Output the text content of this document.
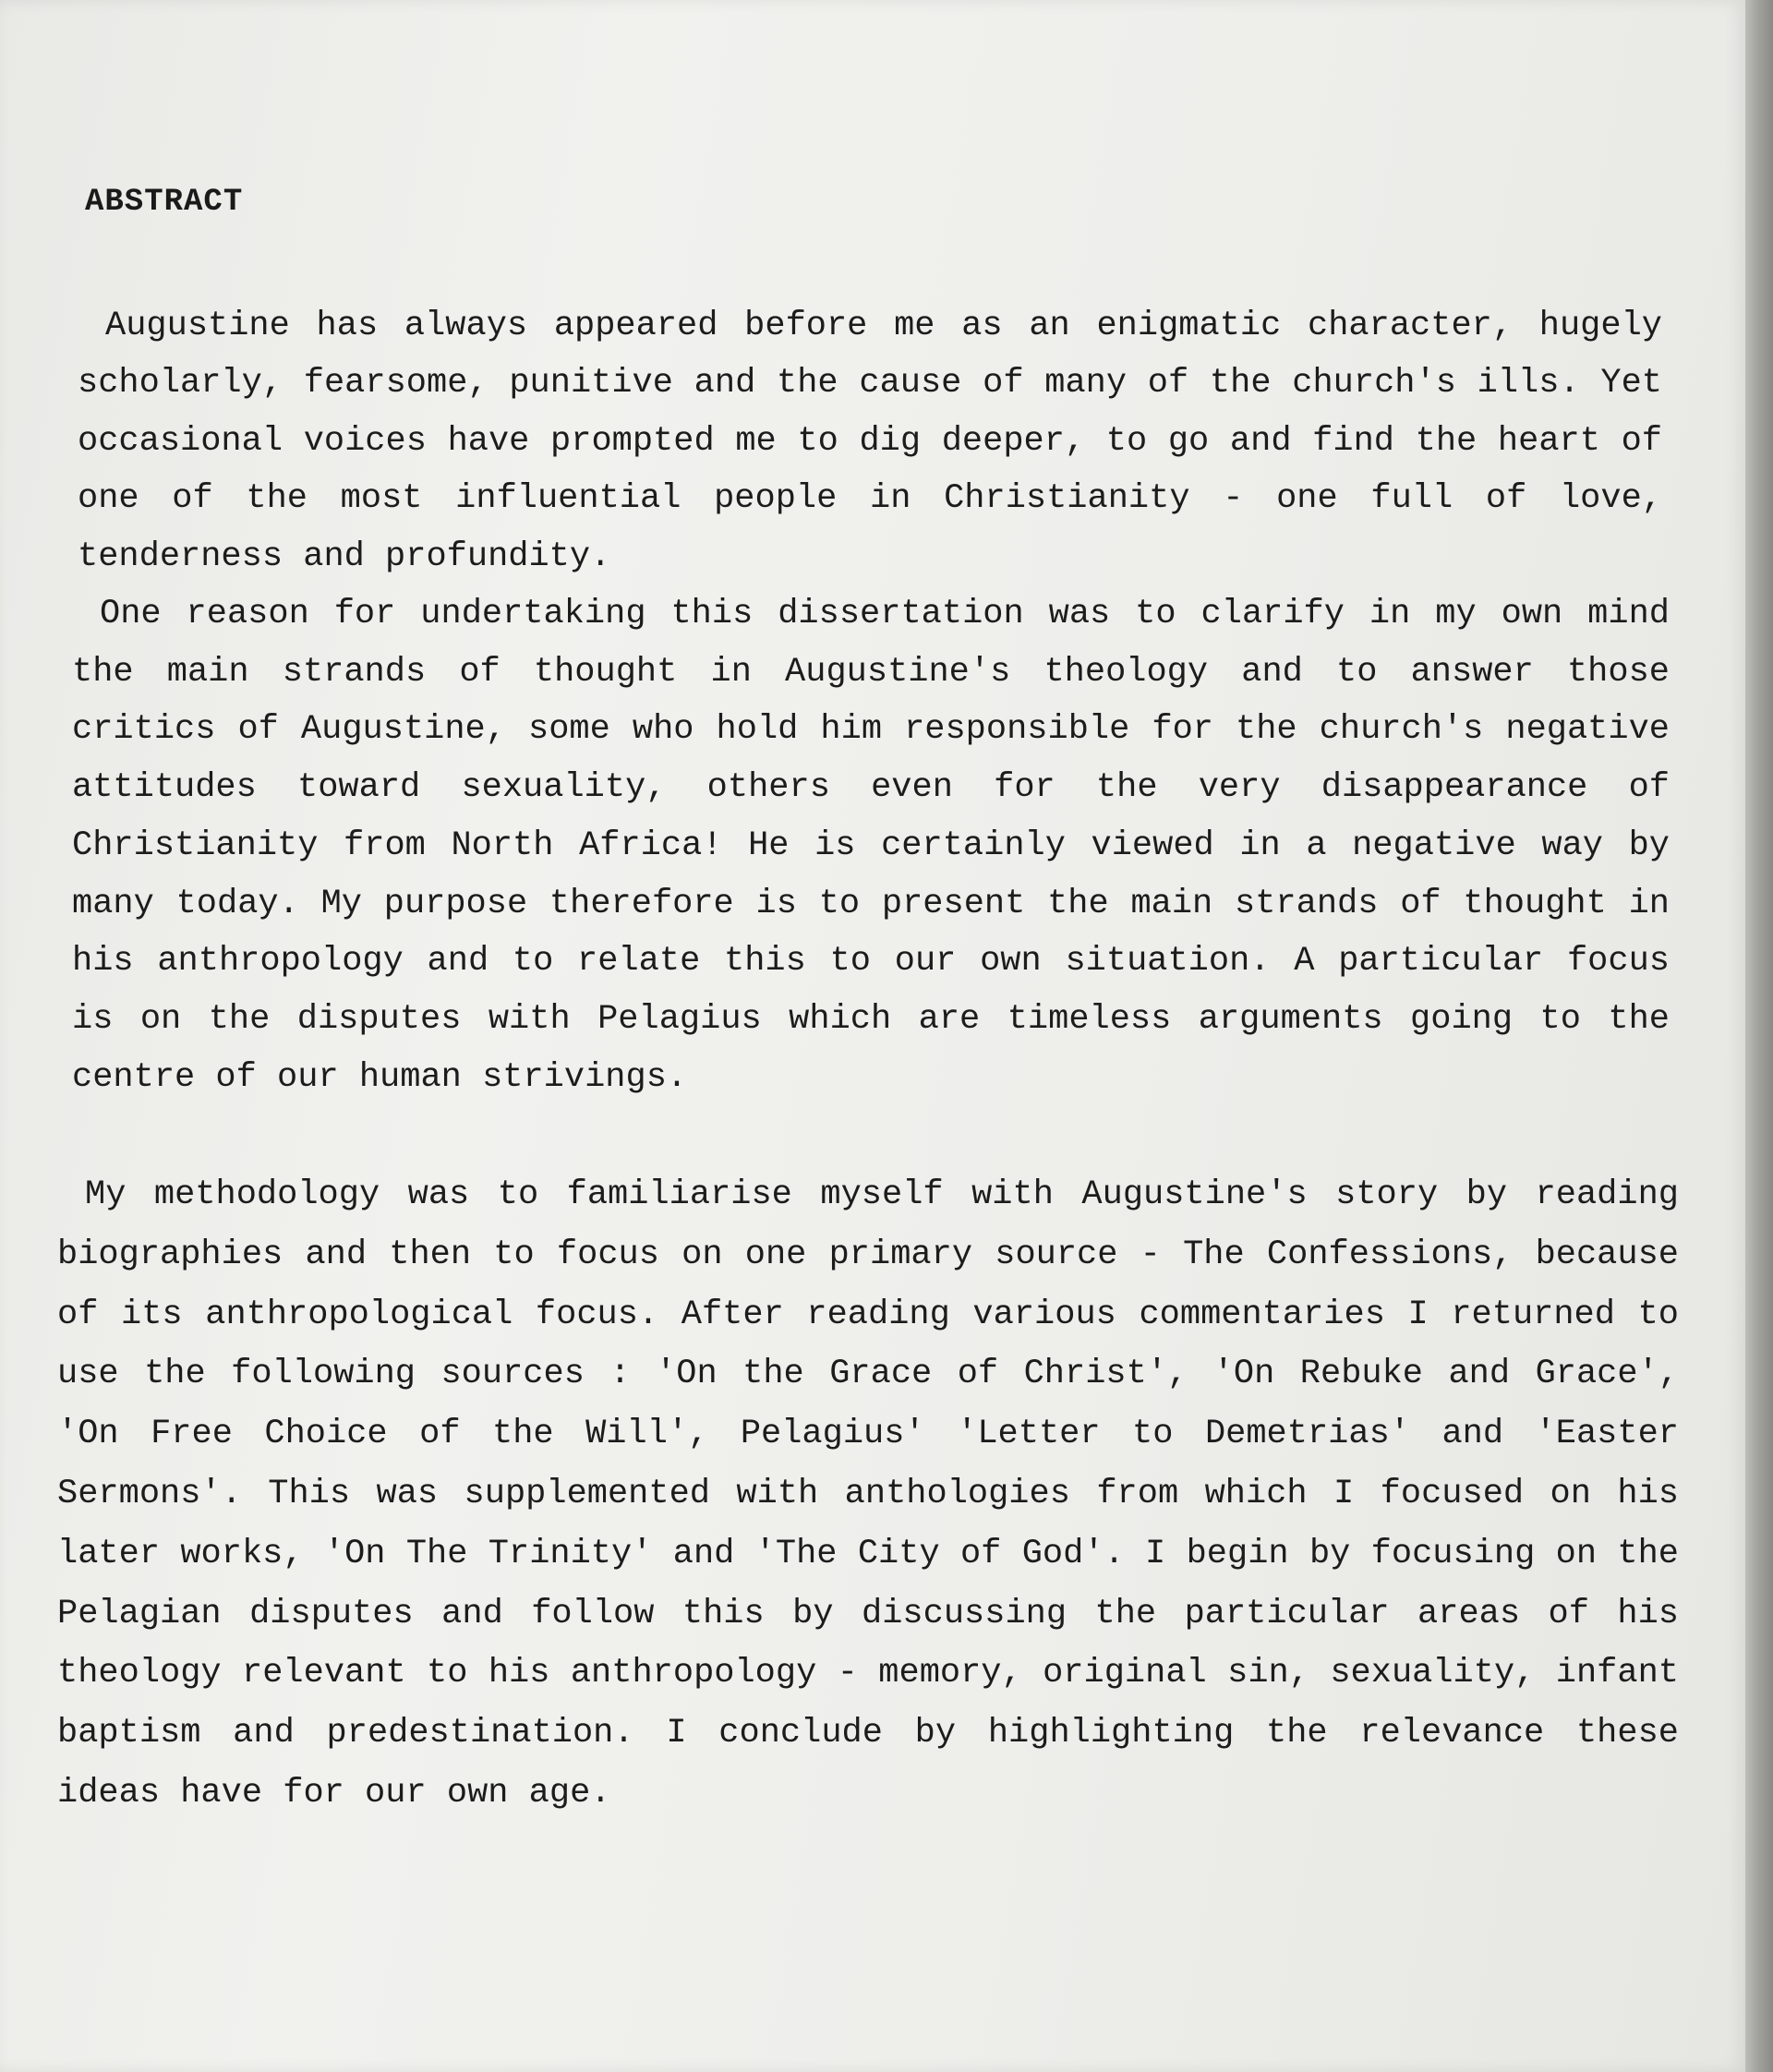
ABSTRACT

Augustine has always appeared before me as an enigmatic character, hugely scholarly, fearsome, punitive and the cause of many of the church's ills. Yet occasional voices have prompted me to dig deeper, to go and find the heart of one of the most influential people in Christianity - one full of love, tenderness and profundity.

One reason for undertaking this dissertation was to clarify in my own mind the main strands of thought in Augustine's theology and to answer those critics of Augustine, some who hold him responsible for the church's negative attitudes toward sexuality, others even for the very disappearance of Christianity from North Africa! He is certainly viewed in a negative way by many today. My purpose therefore is to present the main strands of thought in his anthropology and to relate this to our own situation. A particular focus is on the disputes with Pelagius which are timeless arguments going to the centre of our human strivings.

My methodology was to familiarise myself with Augustine's story by reading biographies and then to focus on one primary source - The Confessions, because of its anthropological focus. After reading various commentaries I returned to use the following sources : 'On the Grace of Christ', 'On Rebuke and Grace', 'On Free Choice of the Will', Pelagius' 'Letter to Demetrias' and 'Easter Sermons'. This was supplemented with anthologies from which I focused on his later works, 'On The Trinity' and 'The City of God'. I begin by focusing on the Pelagian disputes and follow this by discussing the particular areas of his theology relevant to his anthropology - memory, original sin, sexuality, infant baptism and predestination. I conclude by highlighting the relevance these ideas have for our own age.
